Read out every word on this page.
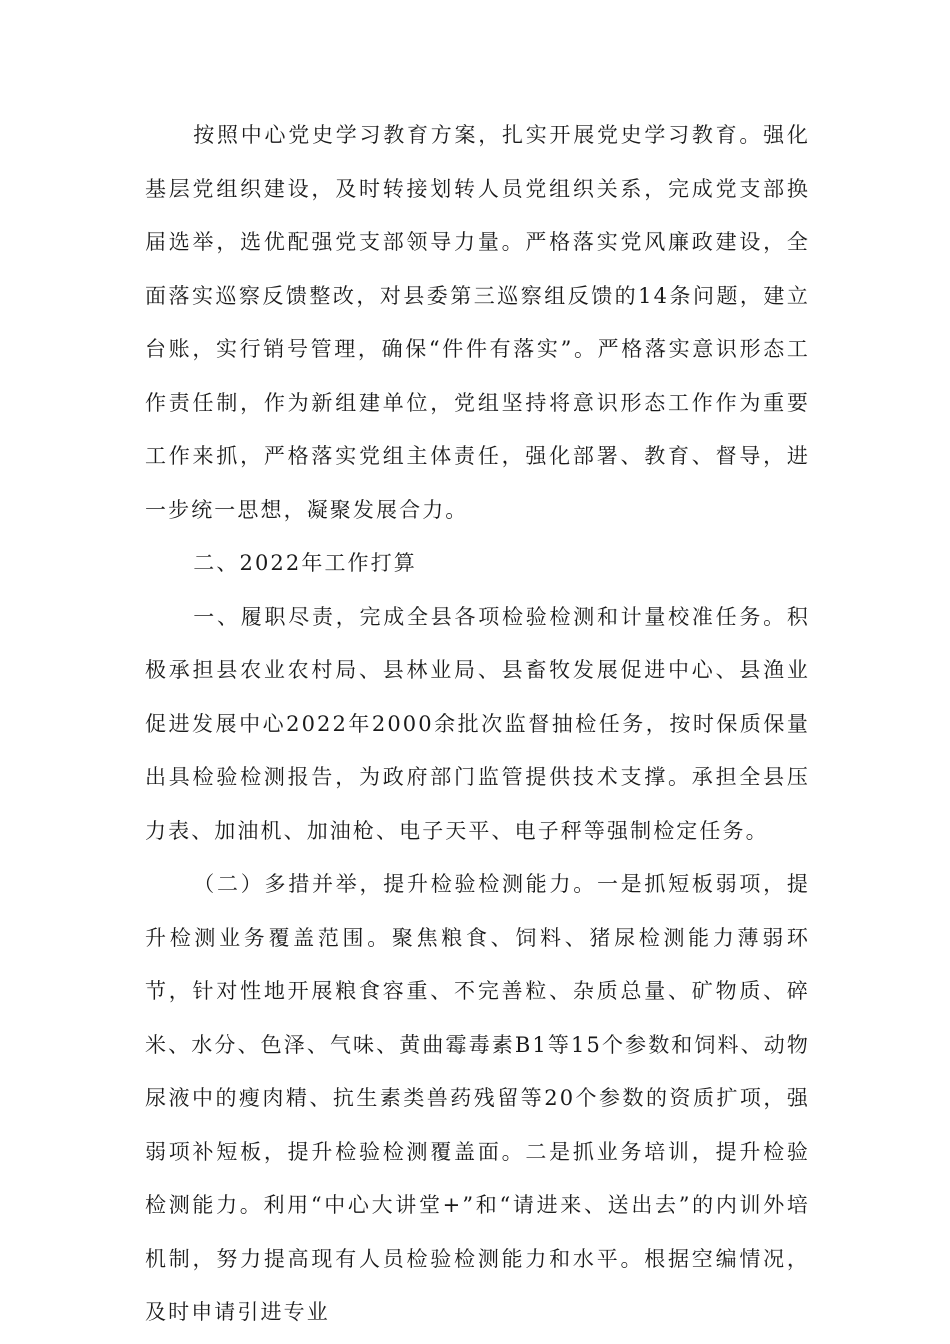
按照中心党史学习教育方案，扎实开展党史学习教育。强化基层党组织建设，及时转接划转人员党组织关系，完成党支部换届选举，选优配强党支部领导力量。严格落实党风廉政建设，全面落实巡察反馈整改，对县委第三巡察组反馈的14条问题，建立台账，实行销号管理，确保“件件有落实”。严格落实意识形态工作责任制，作为新组建单位，党组坚持将意识形态工作作为重要工作来抓，严格落实党组主体责任，强化部署、教育、督导，进一步统一思想，凝聚发展合力。

二、2022年工作打算

一、履职尽责，完成全县各项检验检测和计量校准任务。积极承担县农业农村局、县林业局、县畜牧发展促进中心、县渔业促进发展中心2022年2000余批次监督抽检任务，按时保质保量出具检验检测报告，为政府部门监管提供技术支撑。承担全县压力表、加油机、加油枪、电子天平、电子秤等强制检定任务。

（二）多措并举，提升检验检测能力。一是抓短板弱项，提升检测业务覆盖范围。聚焦粮食、饲料、猪尿检测能力薄弱环节，针对性地开展粮食容重、不完善粒、杂质总量、矿物质、碎米、水分、色泽、气味、黄曲霉毒素B1等15个参数和饲料、动物尿液中的瘦肉精、抗生素类兽药残留等20个参数的资质扩项，强弱项补短板，提升检验检测覆盖面。二是抓业务培训，提升检验检测能力。利用“中心大讲堂+”和“请进来、送出去”的内训外培机制，努力提高现有人员检验检测能力和水平。根据空编情况，及时申请引进专业
